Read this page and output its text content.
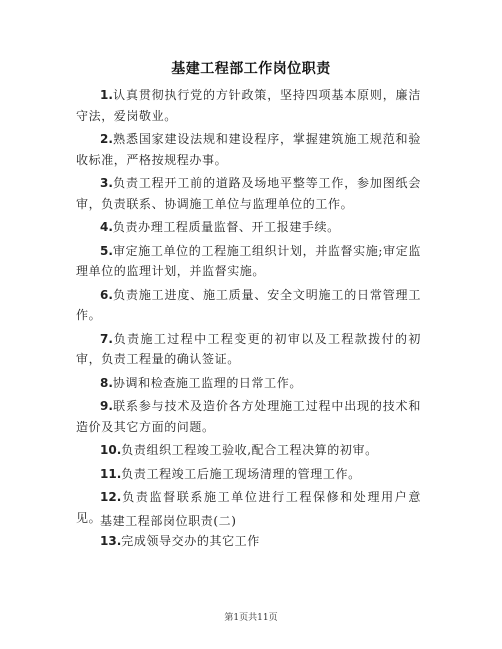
基建工程部工作岗位职责
1.认真贯彻执行党的方针政策，坚持四项基本原则，廉洁守法，爱岗敬业。
2.熟悉国家建设法规和建设程序，掌握建筑施工规范和验收标准，严格按规程办事。
3.负责工程开工前的道路及场地平整等工作，参加图纸会审，负责联系、协调施工单位与监理单位的工作。
4.负责办理工程质量监督、开工报建手续。
5.审定施工单位的工程施工组织计划，并监督实施;审定监理单位的监理计划，并监督实施。
6.负责施工进度、施工质量、安全文明施工的日常管理工作。
7.负责施工过程中工程变更的初审以及工程款拨付的初审，负责工程量的确认签证。
8.协调和检查施工监理的日常工作。
9.联系参与技术及造价各方处理施工过程中出现的技术和造价及其它方面的问题。
10.负责组织工程竣工验收,配合工程决算的初审。
11.负责工程竣工后施工现场清理的管理工作。
12.负责监督联系施工单位进行工程保修和处理用户意见。
13.完成领导交办的其它工作
基建工程部岗位职责(二)
第1页共11页
